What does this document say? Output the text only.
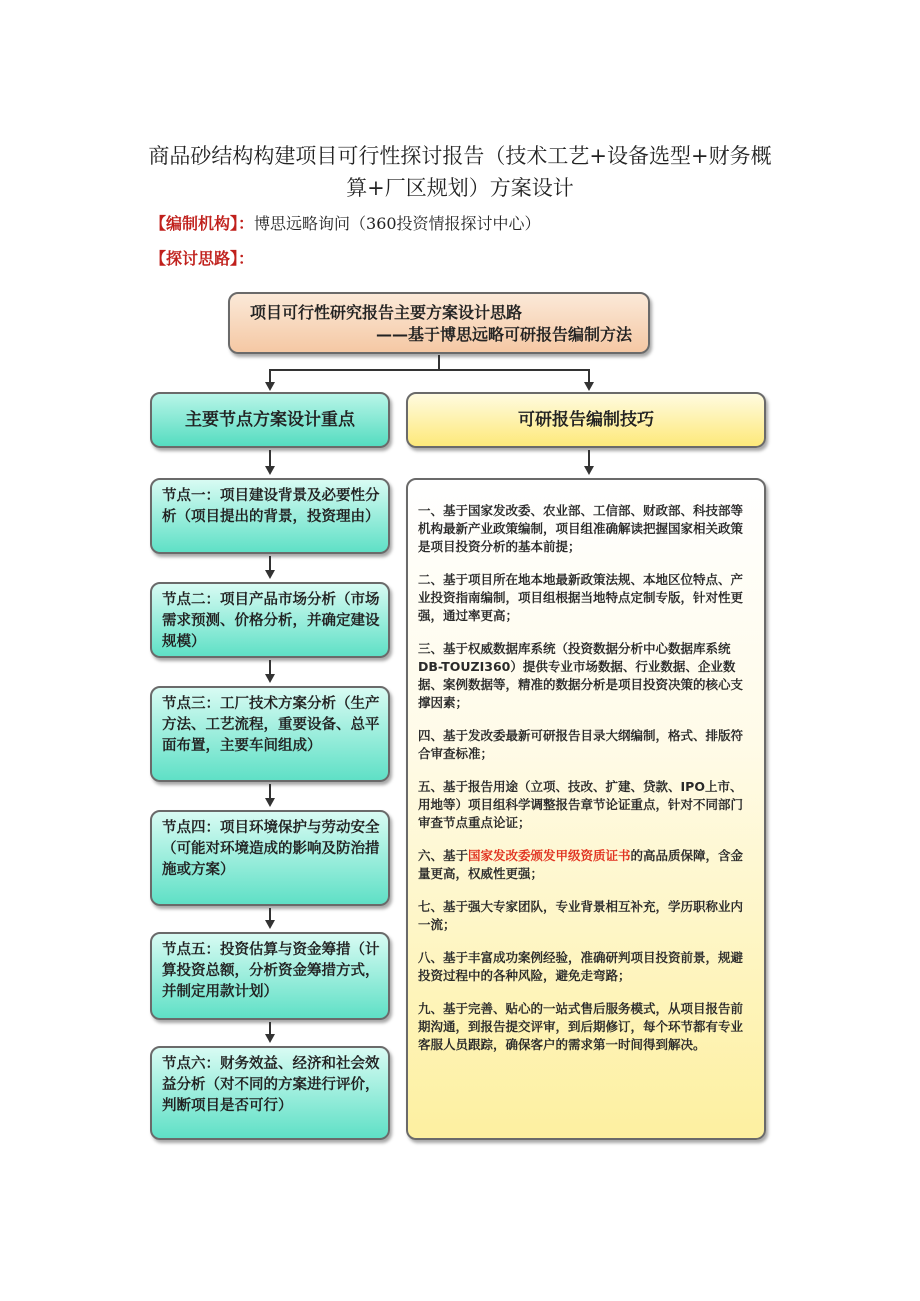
商品砂结构构建项目可行性探讨报告（技术工艺+设备选型+财务概算+厂区规划）方案设计
【编制机构】：博思远略询问（360投资情报探讨中心）
【探讨思路】：
项目可行性研究报告主要方案设计思路
——基于博思远略可研报告编制方法
主要节点方案设计重点	可研报告编制技巧
节点一：项目建设背景及必要性分析（项目提出的背景，投资理由）
节点二：项目产品市场分析（市场需求预测、价格分析，并确定建设规模）
节点三：工厂技术方案分析（生产方法、工艺流程，重要设备、总平面布置，主要车间组成）
节点四：项目环境保护与劳动安全（可能对环境造成的影响及防治措施或方案）
节点五：投资估算与资金筹措（计算投资总额，分析资金筹措方式，并制定用款计划）
节点六：财务效益、经济和社会效益分析（对不同的方案进行评价，判断项目是否可行）
一、基于国家发改委、农业部、工信部、财政部、科技部等机构最新产业政策编制，项目组准确解读把握国家相关政策是项目投资分析的基本前提；
二、基于项目所在地本地最新政策法规、本地区位特点、产业投资指南编制，项目组根据当地特点定制专版，针对性更强，通过率更高；
三、基于权威数据库系统（投资数据分析中心数据库系统DB-TOUZI360）提供专业市场数据、行业数据、企业数据、案例数据等，精准的数据分析是项目投资决策的核心支撑因素；
四、基于发改委最新可研报告目录大纲编制，格式、排版符合审查标准；
五、基于报告用途（立项、技改、扩建、贷款、IPO上市、用地等）项目组科学调整报告章节论证重点，针对不同部门审查节点重点论证；
六、基于国家发改委颁发甲级资质证书的高品质保障，含金量更高，权威性更强；
七、基于强大专家团队，专业背景相互补充，学历职称业内一流；
八、基于丰富成功案例经验，准确研判项目投资前景，规避投资过程中的各种风险，避免走弯路；
九、基于完善、贴心的一站式售后服务模式，从项目报告前期沟通，到报告提交评审，到后期修订，每个环节都有专业客服人员跟踪，确保客户的需求第一时间得到解决。
